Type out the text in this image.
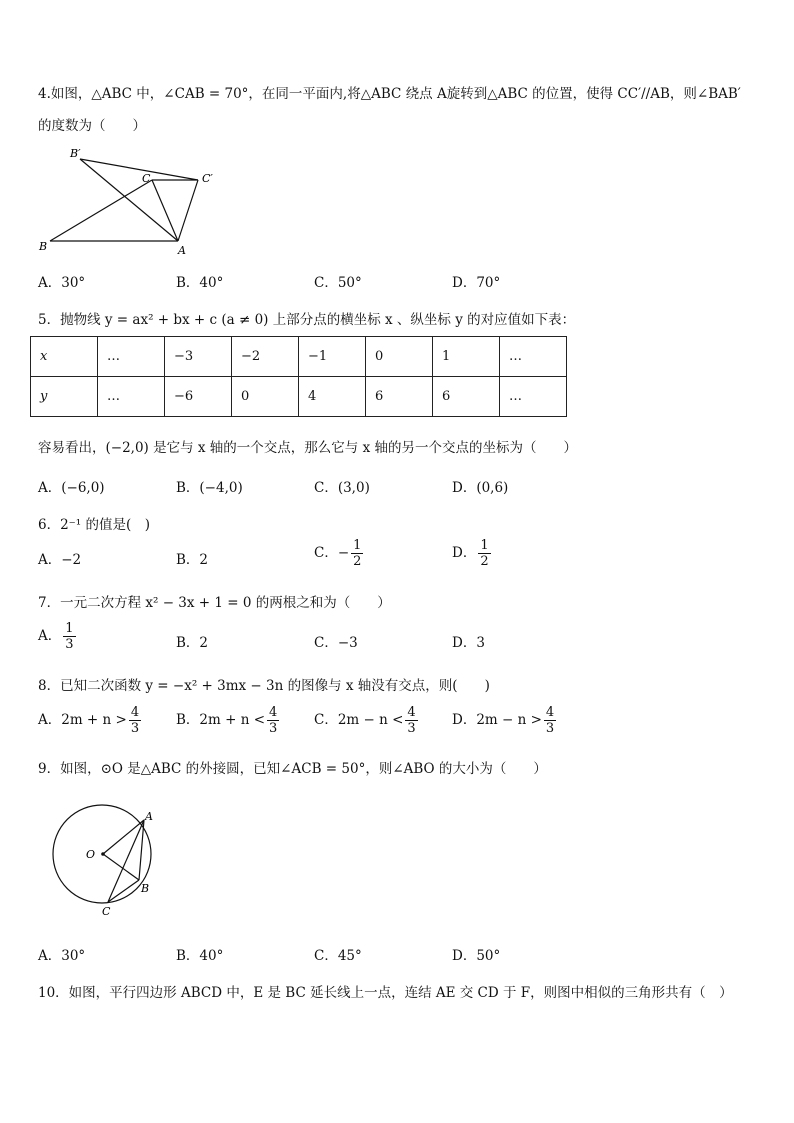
4.如图，△ABC 中，∠CAB = 70°，在同一平面内,将△ABC 绕点 A旋转到△ABC 的位置，使得 CC′//AB，则∠BAB′
的度数为（　　）
B′
C	C′
B	A
A．30°	B．40°	C．50°	D．70°
5．抛物线 y = ax² + bx + c (a ≠ 0) 上部分点的横坐标 x 、纵坐标 y 的对应值如下表：
x	…	−3	−2	−1	0	1	…
y	…	−6	0	4	6	6	…
容易看出，(−2,0) 是它与 x 轴的一个交点，那么它与 x 轴的另一个交点的坐标为（　　）
A．(−6,0)	B．(−4,0)	C．(3,0)	D．(0,6)
6．2⁻¹ 的值是(　)
A．−2	B．2	C．− $\frac{1}{2}$	D． $\frac{1}{2}$
7．一元二次方程 x² − 3x + 1 = 0 的两根之和为（　　）
A． $\frac{1}{3}$	B．2	C．−3	D．3
8．已知二次函数 y = −x² + 3mx − 3n 的图像与 x 轴没有交点，则(　　)
A．$2m + n > \frac{4}{3}$	B．$2m + n < \frac{4}{3}$	C．$2m - n < \frac{4}{3}$	D．$2m - n > \frac{4}{3}$
9．如图，⊙O 是△ABC 的外接圆，已知∠ACB = 50°，则∠ABO 的大小为（　　）
O
A
B
C
A．30°	B．40°	C．45°	D．50°
10．如图，平行四边形 ABCD 中，E 是 BC 延长线上一点，连结 AE 交 CD 于 F，则图中相似的三角形共有（　）
